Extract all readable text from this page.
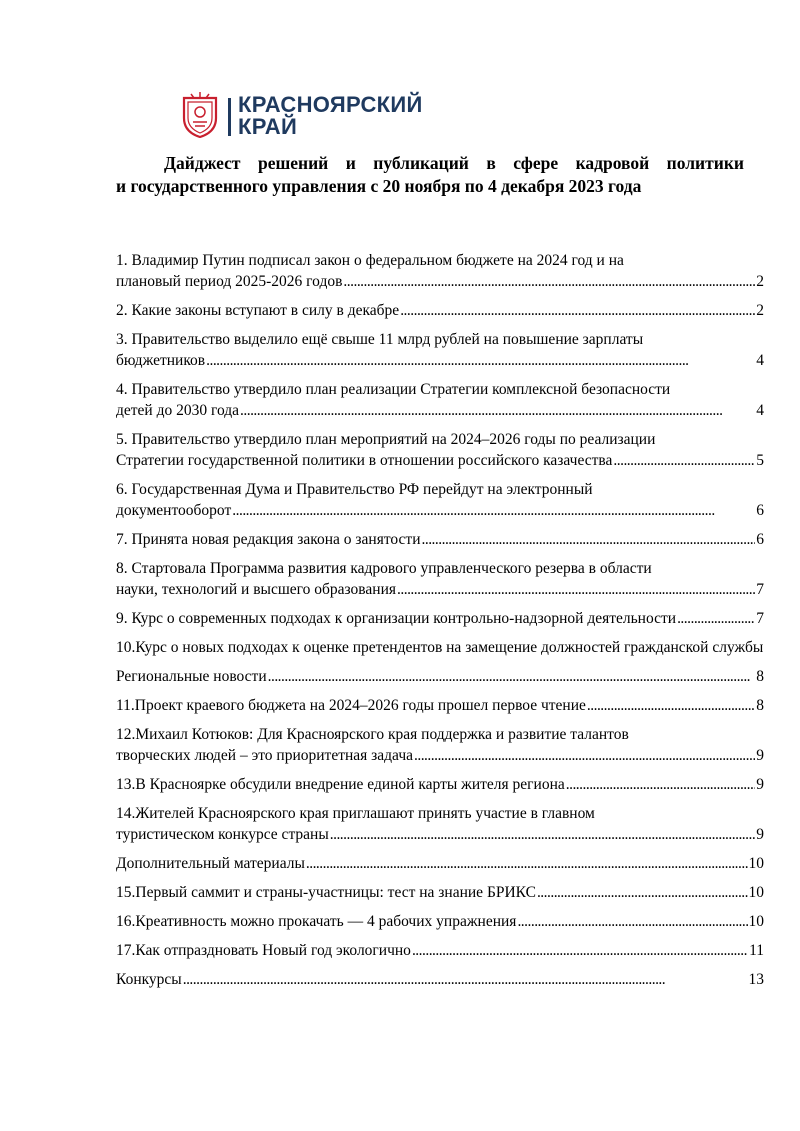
КРАСНОЯРСКИЙ
КРАЙ
Дайджест решений и публикаций в сфере кадровой политики
и государственного управления с 20 ноября по 4 декабря 2023 года
1. Владимир Путин подписал закон о федеральном бюджете на 2024 год и на
плановый период 2025-2026 годов . . .	2
2. Какие законы вступают в силу в декабре . . .	2
3. Правительство выделило ещё свыше 11 млрд рублей на повышение зарплаты
бюджетников . . .	4
4. Правительство утвердило план реализации Стратегии комплексной безопасности
детей до 2030 года . . .	4
5. Правительство утвердило план мероприятий на 2024–2026 годы по реализации
Стратегии государственной политики в отношении российского казачества . . .	5
6. Государственная Дума и Правительство РФ перейдут на электронный
документооборот . . .	6
7. Принята новая редакция закона о занятости . . .	6
8. Стартовала Программа развития кадрового управленческого резерва в области
науки, технологий и высшего образования . . .	7
9. Курс о современных подходах к организации контрольно-надзорной деятельности . . .	7
10.Курс о новых подходах к оценке претендентов на замещение должностей гражданской службы
Региональные новости . . .	8
11.Проект краевого бюджета на 2024–2026 годы прошел первое чтение . . .	8
12.Михаил Котюков: Для Красноярского края поддержка и развитие талантов
творческих людей – это приоритетная задача . . .	9
13.В Красноярке обсудили внедрение единой карты жителя региона . . .	9
14.Жителей Красноярского края приглашают принять участие в главном
туристическом конкурсе страны . . .	9
Дополнительный материалы . . .	10
15.Первый саммит и страны-участницы: тест на знание БРИКС . . .	10
16.Креативность можно прокачать — 4 рабочих упражнения . . .	10
17.Как отпраздновать Новый год экологично . . .	11
Конкурсы . . .	13
